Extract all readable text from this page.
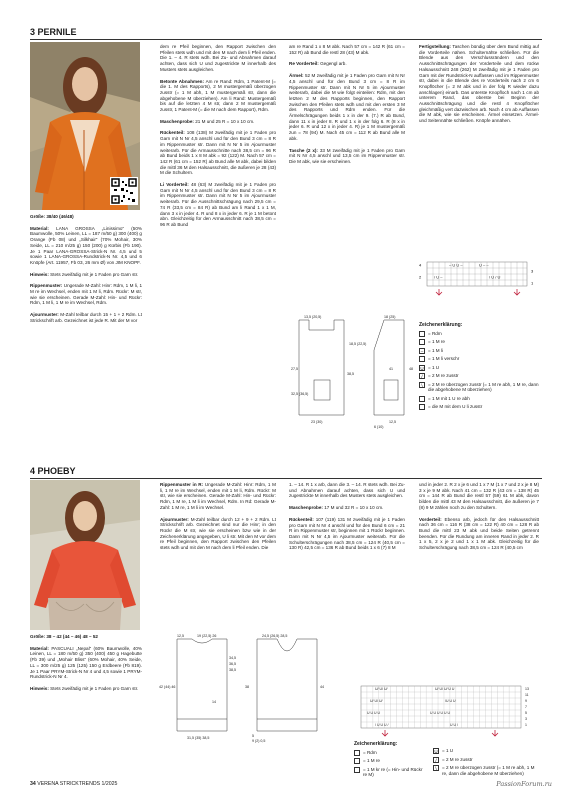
3 PERNILE

Größe: 38/40 (46/48)

Material: LANA GROSSA „Linissimo“ (50% Baumwolle, 50% Leinen, LL = 187 m/50 g) 300 (400) g Orange (Fb 08) und „Silkhair“ (70% Mohair, 30% Seide, LL = 210 m/25 g) 150 (200) g Kürbis (Fb 190). Je 1 Paar LANA-GROSSA-Strick-N Nr. 4,5 und 5 sowie 1 LANA-GROSSA-Rundstrick-N Nr. 4,5 und 6 Knöpfe (Art. 11957, Fb 03, 26 mm Ø) von JIM KNOPF.

Hinweis: Stets zweifädig mit je 1 Faden pro Garn str.

Rippenmuster: Ungerade M-Zahl: Hinr: Rdm, 1 M li, 1 M re im Wechsel, enden mit 1 M li, Rdm. Rückr: M str, wie sie erscheinen. Gerade M-Zahl: Hin- und Rückr: Rdm, 1 M li, 1 M re im Wechsel, Rdm.

Ajourmuster: M-Zahl teilbar durch 15 + 1 + 2 Rdm. Lt Strickschrift arb. Gezeichnet ist jede R. Mit der M vor

dem re Pfeil beginnen, den Rapport zwischen den Pfeilen stets wdh und mit den M nach dem li Pfeil enden. Die 1. – 4. R stets wdh. Bei Zu- und Abnahmen darauf achten, dass sich U und zugestrickte M innerhalb des Musters stets ausgleichen.

Betonte Abnahmen: Am re Rand: Rdm, 1 Patent-M (= die 1. M des Rapports), 2 M mustergemäß überzogen zusstr (= 1 M abh, 1 M mustergemäß str, dann die abgehobene M überziehen). Am li Rand: Mustergemäß bis auf die letzten 4 M str, dann 2 M mustergemäß zusstr, 1 Patent-M (= die M nach dem Rapport), Rdm.

Maschenprobe: 21 M und 25 R = 10 x 10 cm.

Rückenteil: 108 (138) M zweifädig mit je 1 Faden pro Garn mit N Nr 4,5 anschl und für den Bund 3 cm = 8 R im Rippenmuster str. Dann mit N Nr 5 im Ajourmuster weiterarb. Für die Armausschnitte nach 38,5 cm = 96 R ab Bund beids 1 x 8 M abk = 92 (122) M. Nach 57 cm = 142 R (61 cm = 152 R) ab Bund alle M abk, dabei bilden die mittl 36 M den Halsausschnitt, die äußeren je 28 (43) M die Schultern.

Li Vorderteil: 48 (63) M zweifädig mit je 1 Faden pro Garn mit N Nr 4,5 anschl und für den Bund 3 cm = 8 R im Rippenmuster str. Dann mit N Nr 5 im Ajourmuster weiterarb. Für die Ausschnittschrägung nach 29,5 cm = 74 R (33,5 cm = 84 R) ab Bund am li Rand 1 x 1 M, dann 3 x in jeder 4. R und 8 x in jeder 6. R je 1 M betont abn. Gleichzeitig für den Armausschnitt nach 38,5 cm = 96 R ab Bund

am re Rand 1 x 8 M abk. Nach 57 cm = 142 R (61 cm = 152 R) ab Bund die restl 28 (43) M abk.

Re Vorderteil: Gegengl arb.

Ärmel: 52 M zweifädig mit je 1 Faden pro Garn mit N Nr 4,5 anschl und für den Bund 3 cm = 8 R im Rippenmuster str. Dann mit N Nr 5 im Ajourmuster weiterarb, dabei die M wie folgt einteilen: Rdm, mit den letzten 2 M des Rapports beginnen, den Rapport zwischen den Pfeilen stets wdh und mit den ersten 3 M des Rapports und Rdm enden. Für die Ärmelschrägungen beids 1 x in der 9. (7.) R ab Bund, dann 11 x in jeder 8. R und 1 x in der folg 6. R (8 x in jeder 6. R und 12 x in jeder 4. R) je 1 M mustergemäß zun = 78 (94) M. Nach 45 cm = 112 R ab Bund alle M abk.

Tasche (2 x): 33 M zweifädig mit je 1 Faden pro Garn mit N Nr 4,5 anschl und 13,5 cm im Rippenmuster str. Die M abk, wie sie erscheinen.

Fertigstellung: Taschen bündig über dem Bund mittig auf die Vorderteile nähen. Schulternähte schließen. Für die Blende aus den Verschlussrändern und den Ausschnittschrägungen der Vorderteile und dem rückw Halsausschnitt 248 (262) M zweifädig mit je 1 Faden pro Garn mit der Rundstrick-N auffassen und im Rippenmuster str, dabei in die Blende des re Vorderteils nach 2 cm 6 Knopflöcher (= 2 M abk und in der folg R wieder dazu anschlagen) einarb. Das unterste Knopfloch nach 1 cm ab unterem Rand, das oberste bei Beginn der Ausschnittschrägung und die restl 4 Knopflöcher gleichmäßig vert dazwischen arb. Nach 4 cm ab Auffassen die M abk, wie sie erscheinen. Ärmel einsetzen. Ärmel- und Seitennähte schließen. Knöpfe annähen.

– U U –	U – –
/ U –	\ U / U
4
2
3
1
Zeichenerklärung:
= Rdm
= 1 M re
–	= 1 M li
= 1 M li verschr
U = 1 U
/	= 2 M re zusstr
\	= 2 M re überzogen zusstr (= 1 M re abh, 1 M re, dann die abgehobene M überziehen)
= 1 M mit 1 U re abh
= die M mit dem U li zusstr
13,5 (20,5)
27,5
32,5 (36,5)
38,5
23 (30)
18,5 (22,5)
18 (25)
41	48
12,5
6 (10)
4 PHOEBY

Größe: 38 – 42 (44 – 46) 48 – 52

Material: PASCUALI „Nepal“ (60% Baumwolle, 40% Leinen, LL = 180 m/50 g) 350 (400) 450 g Hagebutte (Fb 39) und „Mohair Bliss“ (60% Mohair, 40% Seide, LL = 300 m/25 g) 125 (125) 150 g Erdbeere (Fb 819). Je 1 Paar PRYM-Strick-N Nr 4 und 4,5 sowie 1 PRYM-Rundstrick-N Nr 4.

Hinweis: Stets zweifädig mit je 1 Faden pro Garn str.

Rippenmuster in R: Ungerade M-Zahl: Hinr: Rdm, 1 M li, 1 M re im Wechsel, enden mit 1 M li, Rdm. Rückr: M str, wie sie erscheinen. Gerade M-Zahl: Hin- und Rückr: Rdm, 1 M re, 1 M li im Wechsel, Rdm. In Rd: Gerade M-Zahl: 1 M re, 1 M li im Wechsel.

Ajourmuster: M-Zahl teilbar durch 12 + 9 + 2 Rdm. Lt Strickschrift arb. Gezeichnet sind nur die Hinr; in den Rückr die M str, wie sie erscheinen bzw wie in der Zeichenerklärung angegeben, U li str. Mit den M vor dem re Pfeil beginnen, den Rapport zwischen den Pfeilen stets wdh und mit den M nach dem li Pfeil enden. Die

1. – 14. R 1 x arb, dann die 3. – 14. R stets wdh. Bei Zu- und Abnahmen darauf achten, dass sich U und zugestrickte M innerhalb des Musters stets ausgleichen.

Maschenprobe: 17 M und 32 R = 10 x 10 cm.

Rückenteil: 107 (119) 131 M zweifädig mit je 1 Faden pro Garn mit N Nr 4 anschl und für den Bund 6 cm = 21 R im Rippenmuster str, beginnen mit 1 Rückr beginnen. Dann mit N Nr 4,5 im Ajourmuster weiterarb. Für die Schulterschrägungen nach 38,5 cm = 124 R (40,5 cm = 130 R) 42,5 cm = 136 R ab Bund beids 1 x 6 (7) 8 M

und in jeder 2. R 2 x je 6 und 1 x 7 M (1 x 7 und 2 x je 8 M) 3 x je 9 M abk. Nach 41 cm = 132 R (43 cm = 138 R) 45 cm = 144 R ab Bund die restl 57 (59) 61 M abk, davon bilden die mittl 43 M den Halsausschnitt, die äußeren je 7 (8) 9 M zählen noch zu den Schultern.

Vorderteil: Ebenso arb, jedoch für den Halsausschnitt nach 36 cm = 116 R (38 cm = 122 R) 40 cm = 128 R ab Bund die mittl 23 M abk und beide Seiten getrennt beenden. Für die Rundung am inneren Rand in jeder 2. R 1 x 5, 2 x je 2 und 1 x 1 M abk. Gleichzeitig für die Schulterschrägung nach 38,5 cm = 124 R (40,5 cm

12,5	19 (22,5) 26
34,5
36,5
38,5
42 (44) 46
14
31,5 (35) 38,5
24,5 (26,5) 28,5
38	44
5
9 (2) 0,5
U/ U\ U/	U/ U\ U/ U U
U/ U\ U/	\U U U
U U U U	U U U U U U
/ U U U /	U U /
13
11
9
7
5
3
1
Zeichenerklärung:
= Rdm
= 1 M re
= 1 M kr re (= Hin- und Rückr re M)
U = 1 U
/	= 2 M re zusstr
\	= 2 M re überzogen zusstr (= 1 M re abh, 1 M re, dann die abgehobene M überziehen)
34 VERENA STRICKTRENDS 1/2025	PassionForum.ru
